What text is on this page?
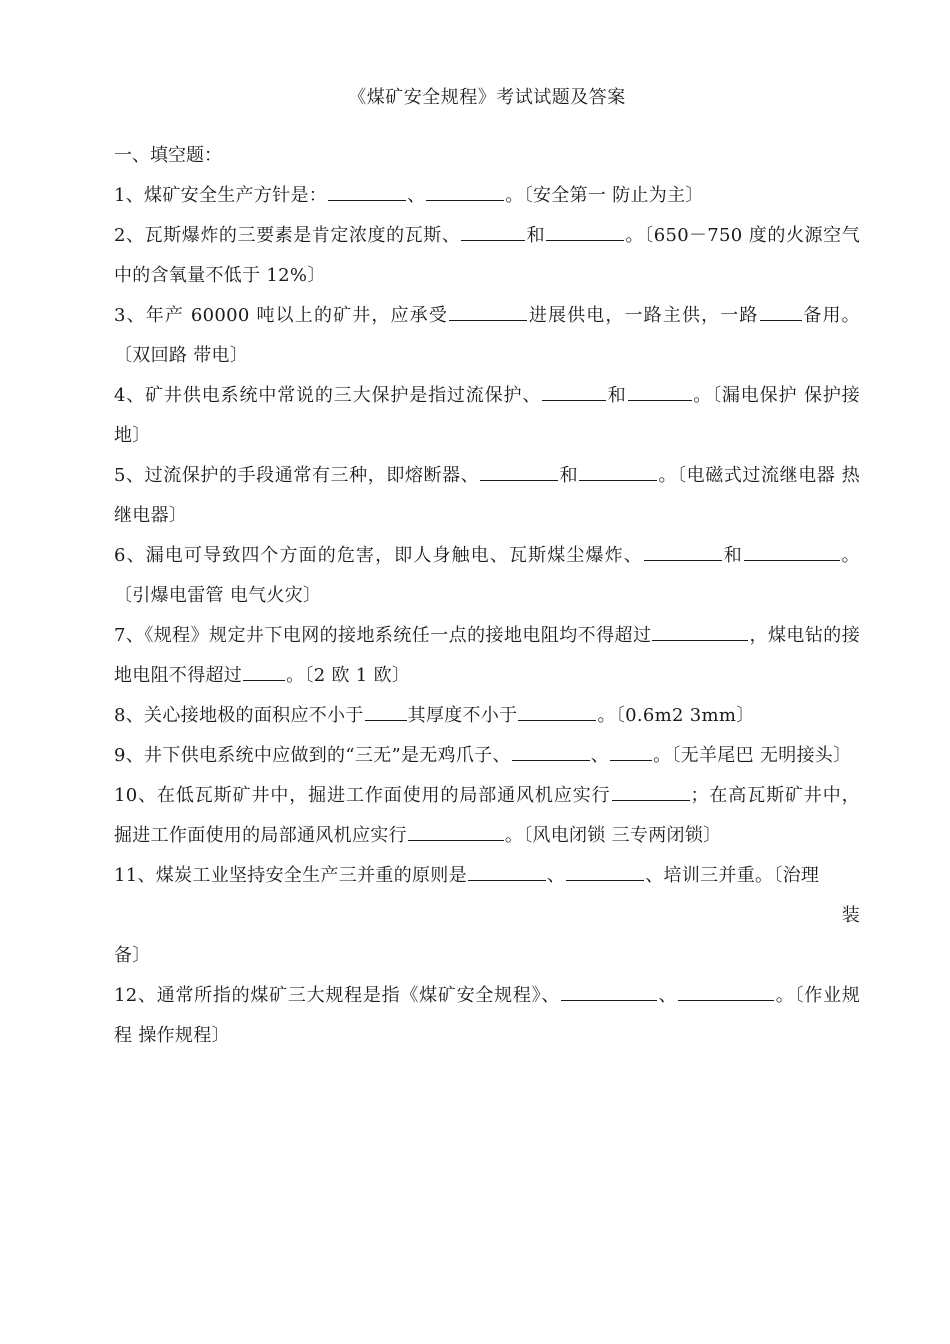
《煤矿安全规程》考试试题及答案
一、填空题：

1、煤矿安全生产方针是：	、	。〔安全第一 防止为主〕

2、瓦斯爆炸的三要素是肯定浓度的瓦斯、	和	。〔650－750 度的火源空气中的含氧量不低于 12%〕

3、年产 60000 吨以上的矿井，应承受	进展供电，一路主供，一路 备用。〔双回路 带电〕

4、矿井供电系统中常说的三大保护是指过流保护、	和	。〔漏电保护 保护接地〕

5、过流保护的手段通常有三种，即熔断器、	和	。〔电磁式过流继电器 热继电器〕

6、漏电可导致四个方面的危害，即人身触电、瓦斯煤尘爆炸、	和	。〔引爆电雷管 电气火灾〕

7、《规程》规定井下电网的接地系统任一点的接地电阻均不得超过	，煤电钻的接地电阻不得超过 。〔2 欧 1 欧〕

8、关心接地极的面积应不小于 其厚度不小于	。〔0.6m2 3mm〕

9、井下供电系统中应做到的“三无”是无鸡爪子、	、 。〔无羊尾巴 无明接头〕

10、在低瓦斯矿井中，掘进工作面使用的局部通风机应实行	；在高瓦斯矿井中， 掘进工作面使用的局部通风机应实行	。〔风电闭锁 三专两闭锁〕

11、煤炭工业坚持安全生产三并重的原则是	、	、培训三并重。〔治理
装
备〕

12、通常所指的煤矿三大规程是指《煤矿安全规程》、	、	。〔作业规程 操作规程〕
